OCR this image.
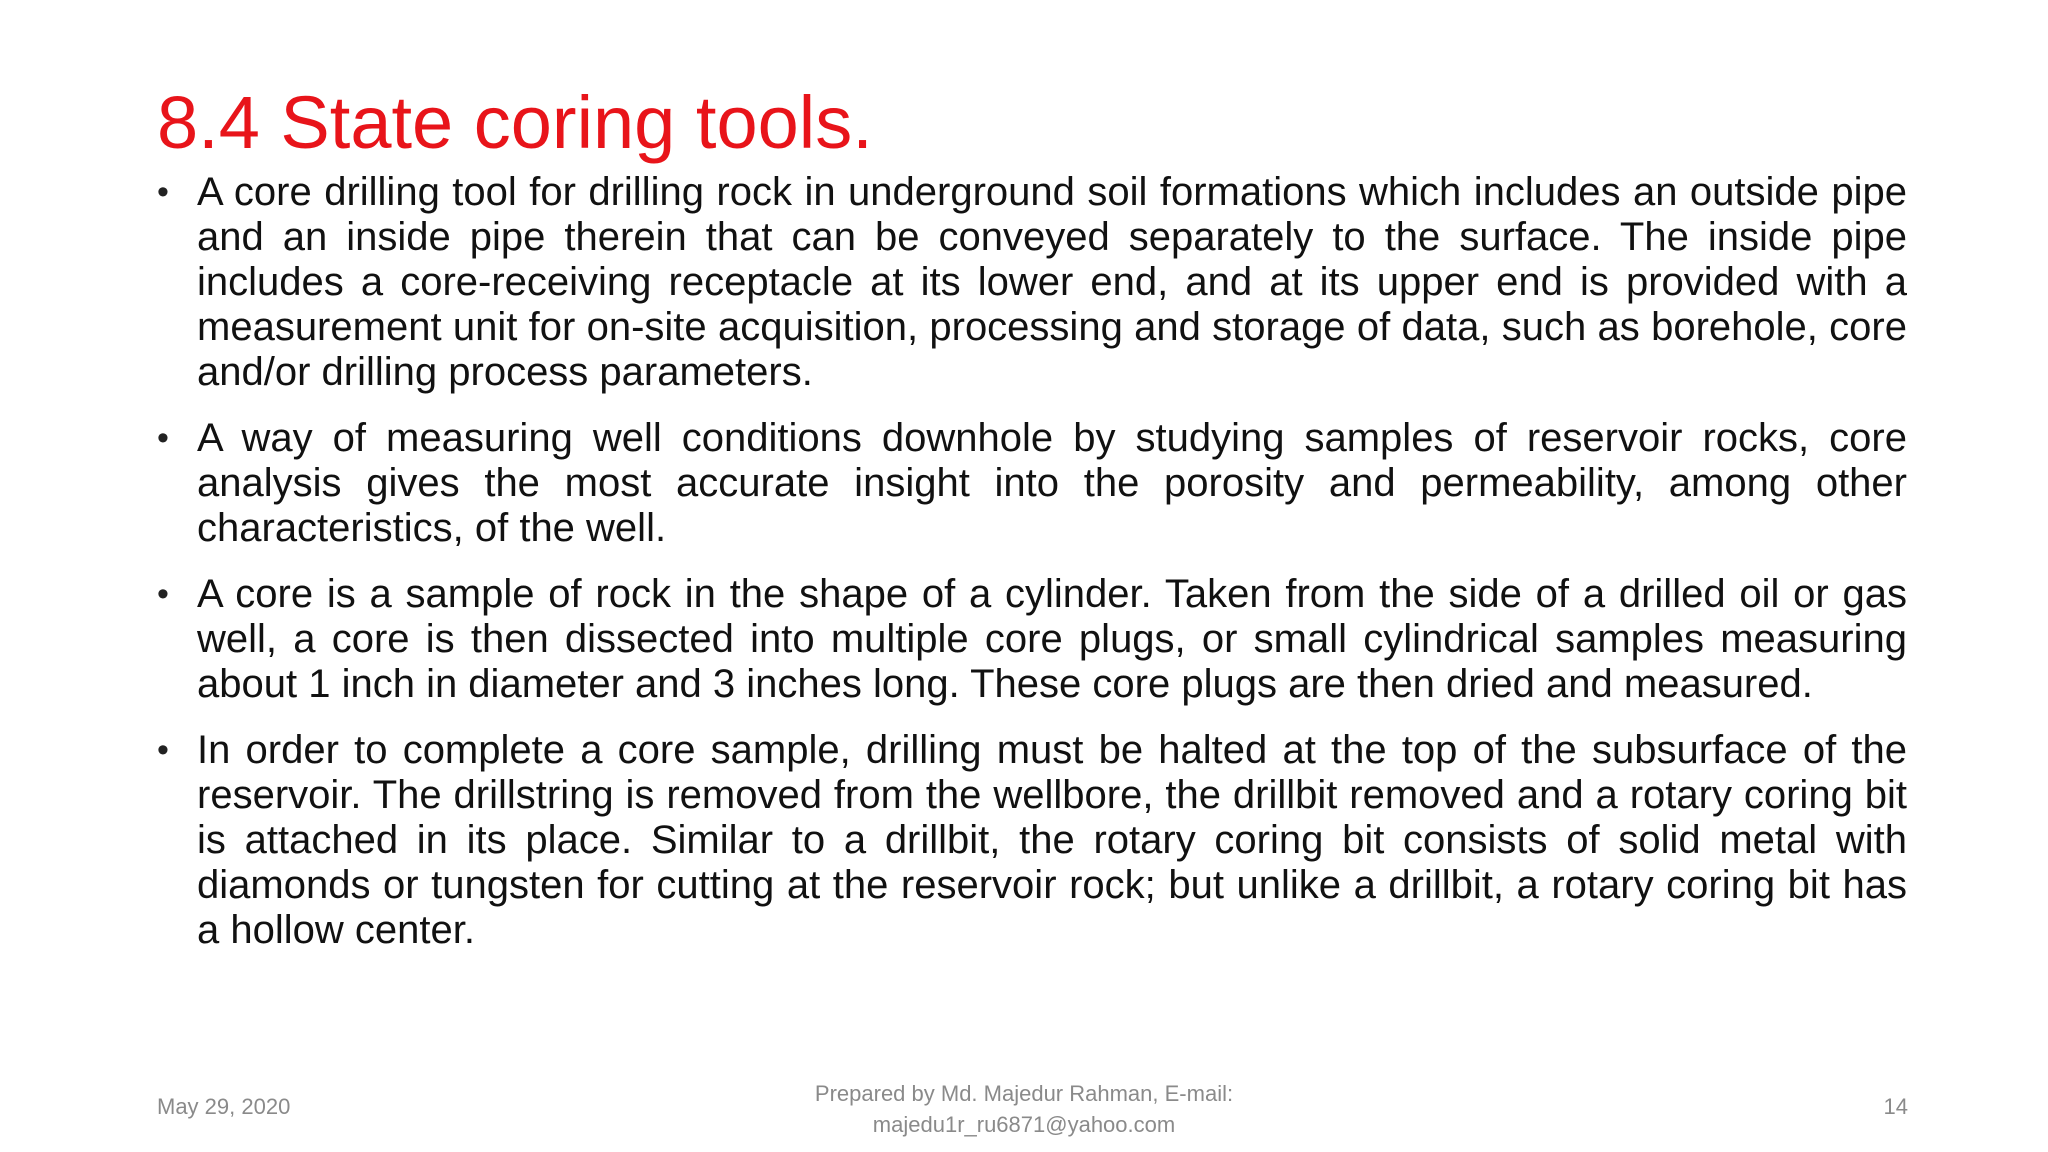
8.4 State coring tools.
• A core drilling tool for drilling rock in underground soil formations which includes an outside pipe and an inside pipe therein that can be conveyed separately to the surface. The inside pipe includes a core-receiving receptacle at its lower end, and at its upper end is provided with a measurement unit for on-site acquisition, processing and storage of data, such as borehole, core and/or drilling process parameters.
• A way of measuring well conditions downhole by studying samples of reservoir rocks, core analysis gives the most accurate insight into the porosity and permeability, among other characteristics, of the well.
• A core is a sample of rock in the shape of a cylinder. Taken from the side of a drilled oil or gas well, a core is then dissected into multiple core plugs, or small cylindrical samples measuring about 1 inch in diameter and 3 inches long. These core plugs are then dried and measured.
• In order to complete a core sample, drilling must be halted at the top of the subsurface of the reservoir. The drillstring is removed from the wellbore, the drillbit removed and a rotary coring bit is attached in its place. Similar to a drillbit, the rotary coring bit consists of solid metal with diamonds or tungsten for cutting at the reservoir rock; but unlike a drillbit, a rotary coring bit has a hollow center.
May 29, 2020
Prepared by Md. Majedur Rahman, E-mail:
majedu1r_ru6871@yahoo.com
14
